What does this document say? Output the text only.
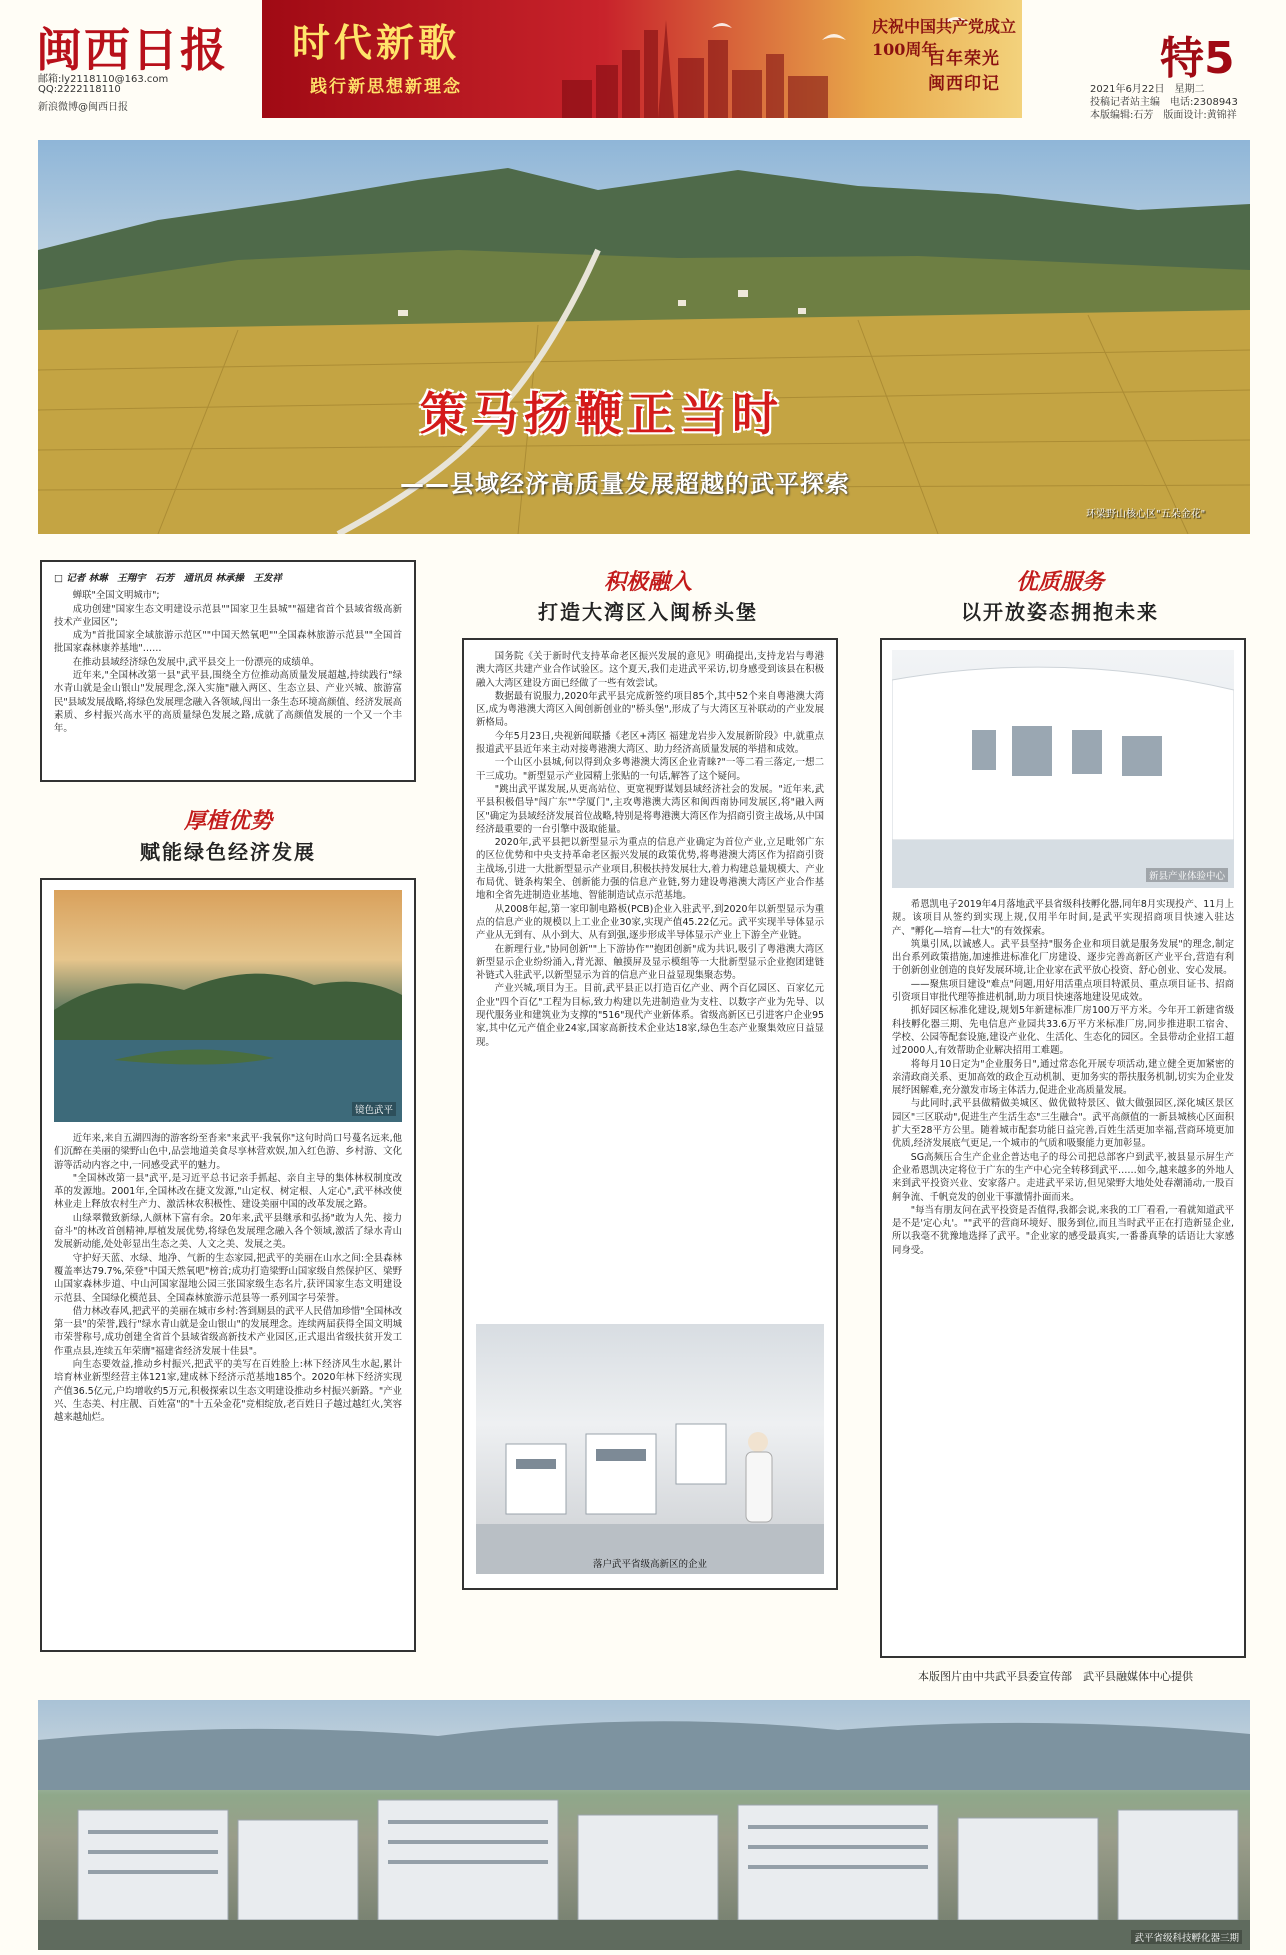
闽西日报
邮箱:ly2118110@163.com
QQ:2222118110
新浪微博@闽西日报
时代新歌
践行新思想新理念
庆祝中国共产党成立100周年
百年荣光　闽西印记	特5
2021年6月22日　星期二
投稿记者站主编　电话:2308943
本版编辑:石芳　版面设计:黄锦祥
策马扬鞭正当时
——县域经济高质量发展超越的武平探索
环梁野山核心区"五朵金花"
□ 记者 林琳　王翔宇　石芳　通讯员 林承操　王发祥

蝉联"全国文明城市";

成功创建"国家生态文明建设示范县""国家卫生县城""福建省首个县域省级高新技术产业园区";

成为"首批国家全域旅游示范区""中国天然氧吧""全国森林旅游示范县""全国首批国家森林康养基地"……

在推动县域经济绿色发展中,武平县交上一份漂亮的成绩单。

近年来,"全国林改第一县"武平县,围绕全方位推动高质量发展超越,持续践行"绿水青山就是金山银山"发展理念,深入实施"融入两区、生态立县、产业兴城、旅游富民"县域发展战略,将绿色发展理念融入各领域,闯出一条生态环境高颜值、经济发展高素质、乡村振兴高水平的高质量绿色发展之路,成就了高颜值发展的一个又一个丰年。

厚植优势
赋能绿色经济发展
镜色武平

近年来,来自五湖四海的游客纷至沓来"来武平·我氧你"这句时尚口号蔓名远来,他们沉醉在美丽的梁野山色中,品尝地道美食尽享林营欢娱,加入红色游、乡村游、文化游等活动内容之中,一同感受武平的魅力。

"全国林改第一县"武平,是习近平总书记亲手抓起、亲自主导的集体林权制度改革的发源地。2001年,全国林改在捷文发源,"山定权、树定根、人定心",武平林改使林业走上释放农村生产力、激活林农积极性、建设美丽中国的改革发展之路。

山绿翠微致新绿,人颜林下富有余。20年来,武平县继承和弘扬"敢为人先、接力奋斗"的林改首创精神,厚植发展优势,将绿色发展理念融入各个领域,激活了绿水青山发展新动能,处处彰显出生态之美、人文之美、发展之美。

守护好天蓝、水绿、地净、气新的生态家园,把武平的美丽在山水之间:全县森林覆盖率达79.7%,荣登"中国天然氧吧"榜首;成功打造梁野山国家级自然保护区、梁野山国家森林步道、中山河国家湿地公园三张国家级生态名片,获评国家生态文明建设示范县、全国绿化模范县、全国森林旅游示范县等一系列国字号荣誉。

借力林改春风,把武平的美丽在城市乡村:答到厕县的武平人民借加珍惜"全国林改第一县"的荣誉,践行"绿水青山就是金山银山"的发展理念。连续两届获得全国文明城市荣誉称号,成功创建全省首个县域省级高新技术产业园区,正式退出省级扶贫开发工作重点县,连续五年荣膺"福建省经济发展十佳县"。

向生态要效益,推动乡村振兴,把武平的美写在百姓脸上:林下经济风生水起,累计培育林业新型经营主体121家,建成林下经济示范基地185个。2020年林下经济实现产值36.5亿元,户均增收约5万元,积极探索以生态文明建设推动乡村振兴新路。"产业兴、生态美、村庄靓、百姓富"的"十五朵金花"竞相绽放,老百姓日子越过越红火,笑容越来越灿烂。

积极融入
打造大湾区入闽桥头堡

国务院《关于新时代支持革命老区振兴发展的意见》明确提出,支持龙岩与粤港澳大湾区共建产业合作试验区。这个夏天,我们走进武平采访,切身感受到该县在积极融入大湾区建设方面已经做了一些有效尝试。

数据最有说服力,2020年武平县完成新签约项目85个,其中52个来自粤港澳大湾区,成为粤港澳大湾区入闽创新创业的"桥头堡",形成了与大湾区互补联动的产业发展新格局。

今年5月23日,央视新闻联播《老区+湾区 福建龙岩步入发展新阶段》中,就重点报道武平县近年来主动对接粤港澳大湾区、助力经济高质量发展的举措和成效。

一个山区小县城,何以得到众多粤港澳大湾区企业青睐?"一等二看三落定,一想二干三成功。"新型显示产业园精上张贴的一句话,解答了这个疑问。

"跳出武平谋发展,从更高站位、更宽视野谋划县域经济社会的发展。"近年来,武平县积极倡导"闯广东""学厦门",主攻粤港澳大湾区和闽西南协同发展区,将"融入两区"确定为县域经济发展首位战略,特别是将粤港澳大湾区作为招商引资主战场,从中国经济最重要的一台引擎中汲取能量。

2020年,武平县把以新型显示为重点的信息产业确定为首位产业,立足毗邻广东的区位优势和中央支持革命老区振兴发展的政策优势,将粤港澳大湾区作为招商引资主战场,引进一大批新型显示产业项目,积极扶持发展壮大,着力构建总量规模大、产业布局优、链条构架全、创新能力强的信息产业链,努力建设粤港澳大湾区产业合作基地和全省先进制造业基地、智能制造试点示范基地。

从2008年起,第一家印制电路板(PCB)企业入驻武平,到2020年以新型显示为重点的信息产业的规模以上工业企业30家,实现产值45.22亿元。武平实现半导体显示产业从无到有、从小到大、从有到强,逐步形成半导体显示产业上下游全产业链。

在新理行业,"协同创新""上下游协作""抱团创新"成为共识,吸引了粤港澳大湾区新型显示企业纷纷涌入,背光源、触摸屏及显示模组等一大批新型显示企业抱团建链补链式入驻武平,以新型显示为首的信息产业日益显现集聚态势。

产业兴城,项目为王。目前,武平县正以打造百亿产业、两个百亿园区、百家亿元企业"四个百亿"工程为目标,致力构建以先进制造业为支柱、以数字产业为先导、以现代服务业和建筑业为支撑的"516"现代产业新体系。省级高新区已引进客户企业95家,其中亿元产值企业24家,国家高新技术企业达18家,绿色生态产业聚集效应日益显现。

落户武平省级高新区的企业
优质服务
以开放姿态拥抱未来
新县产业体验中心

希恩凯电子2019年4月落地武平县省级科技孵化器,同年8月实现投产、11月上规。该项目从签约到实现上规,仅用半年时间,是武平实现招商项目快速入驻达产、"孵化—培育—壮大"的有效探索。

筑巢引凤,以诚感人。武平县坚持"服务企业和项目就是服务发展"的理念,制定出台系列政策措施,加速推进标准化厂房建设、逐步完善高新区产业平台,营造有利于创新创业创造的良好发展环境,让企业家在武平放心投资、舒心创业、安心发展。

——聚焦项目建设"难点"问题,用好用活重点项目特派员、重点项目证书、招商引资项目审批代理等推进机制,助力项目快速落地建设见成效。

抓好园区标准化建设,规划5年新建标准厂房100万平方米。今年开工新建省级科技孵化器三期、先电信息产业园共33.6万平方米标准厂房,同步推进职工宿舍、学校、公园等配套设施,建设产业化、生活化、生态化的园区。全县带动企业招工超过2000人,有效帮助企业解决招用工难题。

将每月10日定为"企业服务日",通过常态化开展专项活动,建立健全更加紧密的亲清政商关系、更加高效的政企互动机制、更加务实的帮扶服务机制,切实为企业发展纾困解难,充分激发市场主体活力,促进企业高质量发展。

与此同时,武平县做精做美城区、做优做特景区、做大做强园区,深化城区景区园区"三区联动",促进生产生活生态"三生融合"。武平高颜值的一新县城核心区面积扩大至28平方公里。随着城市配套功能日益完善,百姓生活更加幸福,营商环境更加优质,经济发展底气更足,一个城市的气质和吸聚能力更加彰显。

SG高频压合生产企业企普达电子的母公司把总部客户到武平,被县显示屏生产企业希恩凯决定将位于广东的生产中心完全转移到武平……如今,越来越多的外地人来到武平投资兴业、安家落户。走进武平采访,但见梁野大地处处春潮涌动,一股百舸争流、千帆竞发的创业干事激情扑面而来。

"每当有朋友问在武平投资是否值得,我都会说,来我的工厂看看,一看就知道武平是不是'定心丸'。""武平的营商环境好、服务到位,而且当时武平正在打造新显企业,所以我毫不犹豫地选择了武平。"企业家的感受最真实,一番番真挚的话语让大家感同身受。

本版图片由中共武平县委宣传部　武平县融媒体中心提供
武平省级科技孵化器三期
